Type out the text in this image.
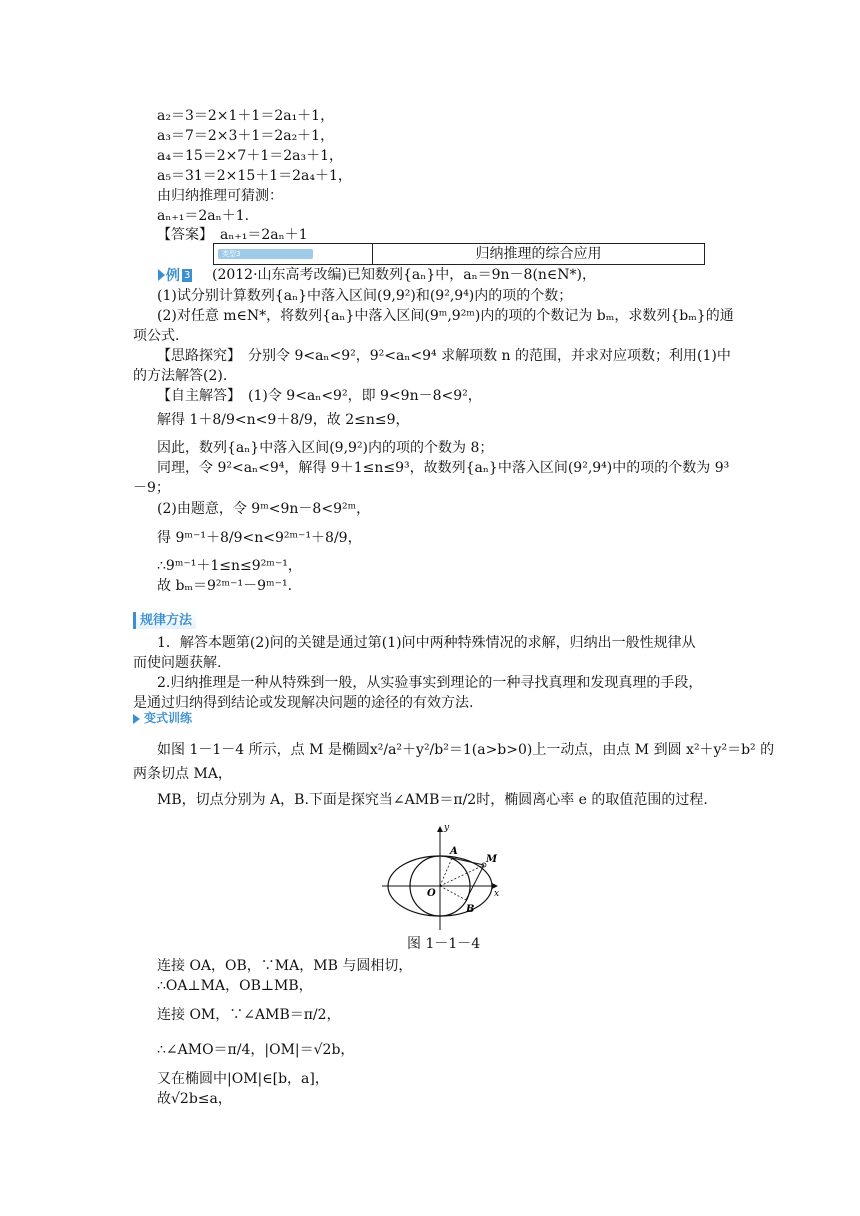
a₂＝3＝2×1＋1＝2a₁＋1，
a₃＝7＝2×3＋1＝2a₂＋1，
a₄＝15＝2×7＋1＝2a₃＋1，
a₅＝31＝2×15＋1＝2a₄＋1，
由归纳推理可猜测：
aₙ₊₁＝2aₙ＋1.
【答案】　aₙ₊₁＝2aₙ＋1
类型3	归纳推理的综合应用
例 3 (2012·山东高考改编)已知数列{aₙ}中，aₙ＝9n－8(n∈N*)，
(1)试分别计算数列{aₙ}中落入区间(9,9²)和(9²,9⁴)内的项的个数；
(2)对任意 m∈N*，将数列{aₙ}中落入区间(9ᵐ,9²ᵐ)内的项的个数记为 bₘ，求数列{bₘ}的通
项公式.
【思路探究】　分别令 9<aₙ<9²，9²<aₙ<9⁴ 求解项数 n 的范围，并求对应项数；利用(1)中
的方法解答(2).
【自主解答】　(1)令 9<aₙ<9²，即 9<9n－8<9²，
解得 1＋8/9<n<9＋8/9，故 2≤n≤9，
因此，数列{aₙ}中落入区间(9,9²)内的项的个数为 8；
同理，令 9²<aₙ<9⁴，解得 9＋1≤n≤9³，故数列{aₙ}中落入区间(9²,9⁴)中的项的个数为 9³
－9；
(2)由题意，令 9ᵐ<9n－8<9²ᵐ，
得 9ᵐ⁻¹＋8/9<n<9²ᵐ⁻¹＋8/9，
∴9ᵐ⁻¹＋1≤n≤9²ᵐ⁻¹，
故 bₘ＝9²ᵐ⁻¹－9ᵐ⁻¹.
规律方法
1．解答本题第(2)问的关键是通过第(1)问中两种特殊情况的求解，归纳出一般性规律从
而使问题获解.
2.归纳推理是一种从特殊到一般，从实验事实到理论的一种寻找真理和发现真理的手段，
是通过归纳得到结论或发现解决问题的途径的有效方法.
变式训练
如图 1－1－4 所示，点 M 是椭圆x²/a²＋y²/b²＝1(a>b>0)上一动点，由点 M 到圆 x²＋y²＝b² 的
两条切点 MA，
MB，切点分别为 A，B.下面是探究当∠AMB＝π/2时，椭圆离心率 e 的取值范围的过程.
y
x
O
A
B
M
图 1－1－4
连接 OA，OB，∵MA，MB 与圆相切，
∴OA⊥MA，OB⊥MB，
连接 OM，∵∠AMB＝π/2，
∴∠AMO＝π/4，|OM|＝√2b，
又在椭圆中|OM|∈[b，a]，
故√2b≤a，
